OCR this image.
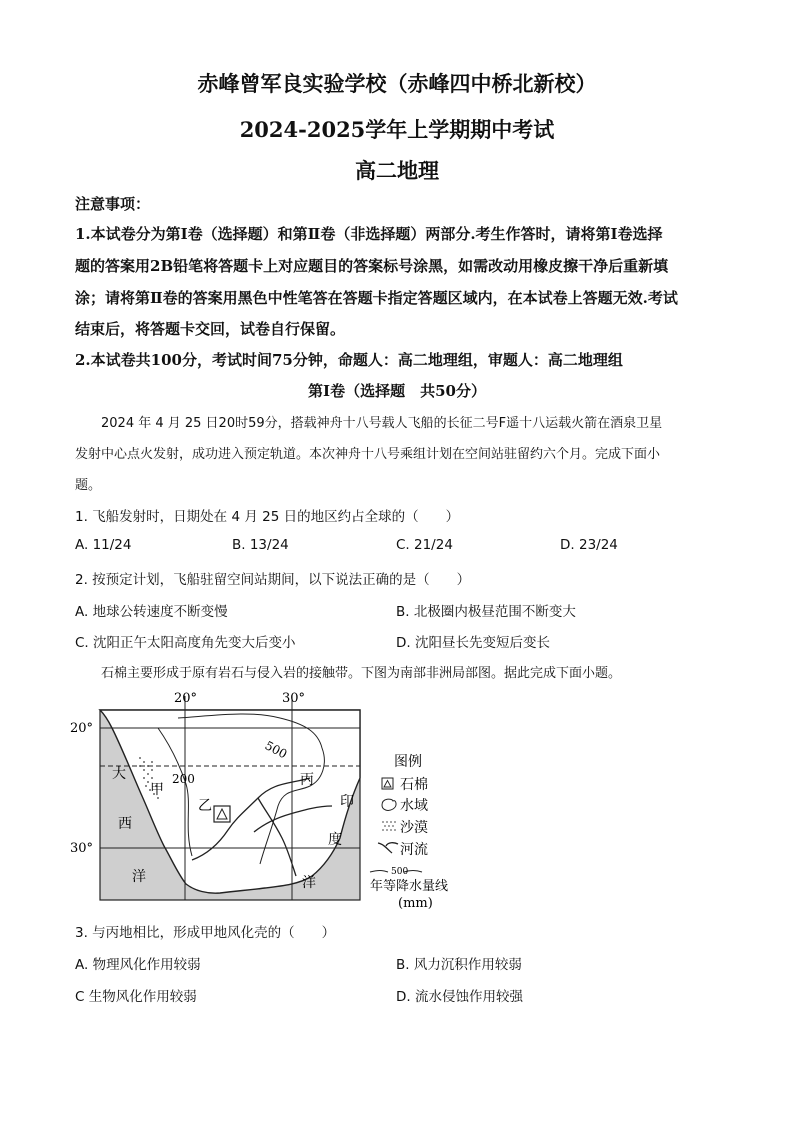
赤峰曾军良实验学校（赤峰四中桥北新校）
2024-2025学年上学期期中考试
高二地理
注意事项：
1.本试卷分为第Ⅰ卷（选择题）和第Ⅱ卷（非选择题）两部分.考生作答时，请将第Ⅰ卷选择
题的答案用2B铅笔将答题卡上对应题目的答案标号涂黑，如需改动用橡皮擦干净后重新填
涂；请将第Ⅱ卷的答案用黑色中性笔答在答题卡指定答题区域内，在本试卷上答题无效.考试
结束后，将答题卡交回，试卷自行保留。
2.本试卷共100分，考试时间75分钟，命题人：高二地理组，审题人：高二地理组
第Ⅰ卷（选择题　共50分）
2024 年 4 月 25 日20时59分，搭载神舟十八号载人飞船的长征二号F遥十八运载火箭在酒泉卫星
发射中心点火发射，成功进入预定轨道。本次神舟十八号乘组计划在空间站驻留约六个月。完成下面小
题。
1. 飞船发射时，日期处在 4 月 25 日的地区约占全球的（　　）
A. 11/24	B. 13/24	C. 21/24	D. 23/24
2. 按预定计划，飞船驻留空间站期间，以下说法正确的是（　　）
A. 地球公转速度不断变慢	B. 北极圈内极昼范围不断变大
C. 沈阳正午太阳高度角先变大后变小	D. 沈阳昼长先变短后变长
石棉主要形成于原有岩石与侵入岩的接触带。下图为南部非洲局部图。据此完成下面小题。
20°	30°
20°
30°
500
200
大
西
洋
甲
乙
丙
印
度
洋
图例
石棉
水域
沙漠
河流
500
年等降水量线
(mm)
3. 与丙地相比，形成甲地风化壳的（　　）
A. 物理风化作用较弱	B. 风力沉积作用较弱
C 生物风化作用较弱	D. 流水侵蚀作用较强
